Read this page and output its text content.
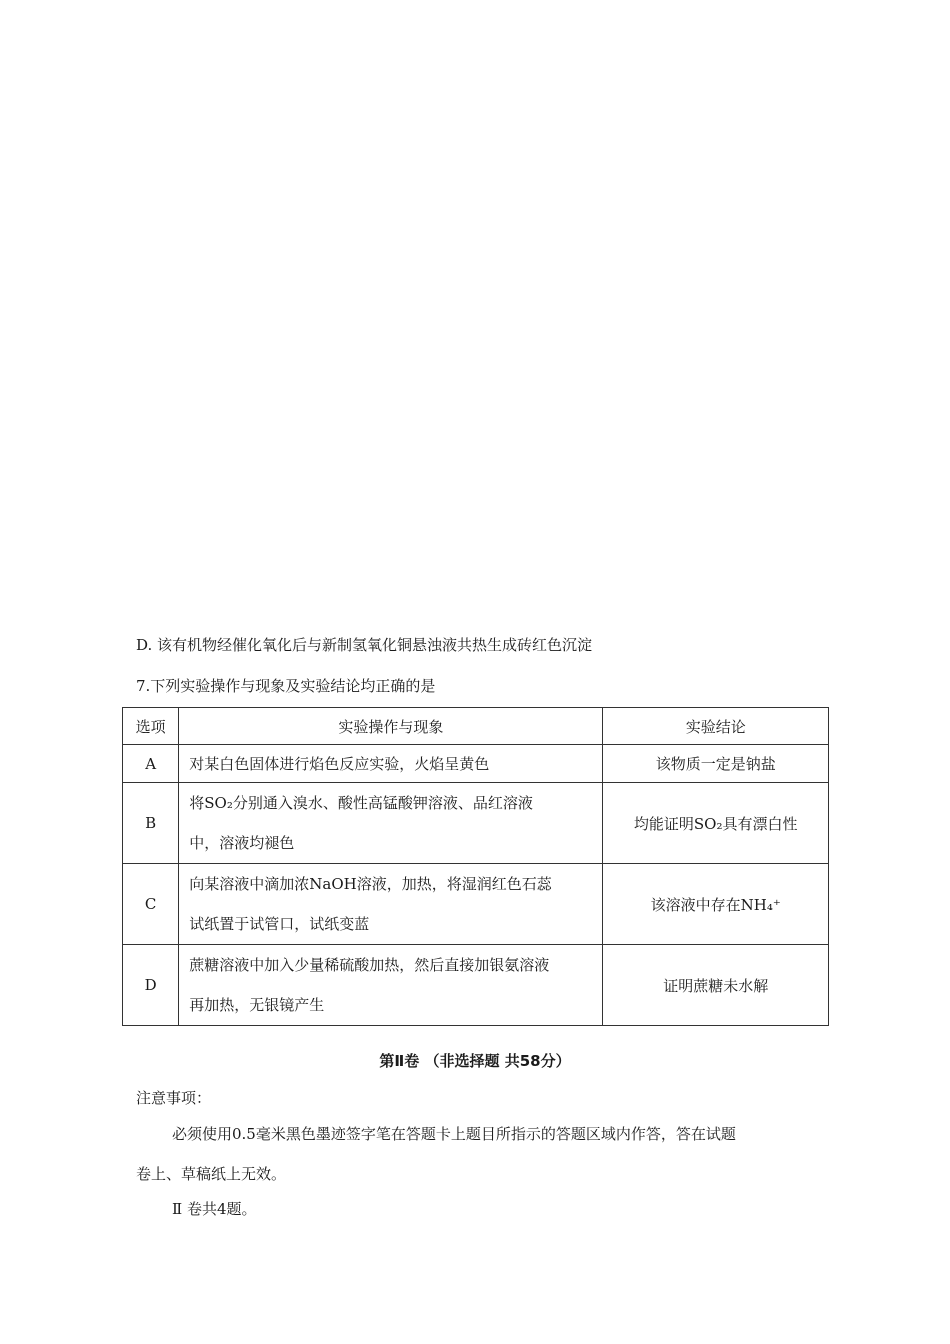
D. 该有机物经催化氧化后与新制氢氧化铜悬浊液共热生成砖红色沉淀
7.下列实验操作与现象及实验结论均正确的是
选项	实验操作与现象	实验结论
A	对某白色固体进行焰色反应实验，火焰呈黄色	该物质一定是钠盐
B	将SO₂分别通入溴水、酸性高锰酸钾溶液、品红溶液
中，溶液均褪色	均能证明SO₂具有漂白性
C	向某溶液中滴加浓NaOH溶液，加热，将湿润红色石蕊
试纸置于试管口，试纸变蓝	该溶液中存在NH₄⁺
D	蔗糖溶液中加入少量稀硫酸加热，然后直接加银氨溶液
再加热，无银镜产生	证明蔗糖未水解
第Ⅱ卷 （非选择题 共58分）
注意事项：
必须使用0.5毫米黑色墨迹签字笔在答题卡上题目所指示的答题区域内作答，答在试题
卷上、草稿纸上无效。
Ⅱ 卷共4题。
